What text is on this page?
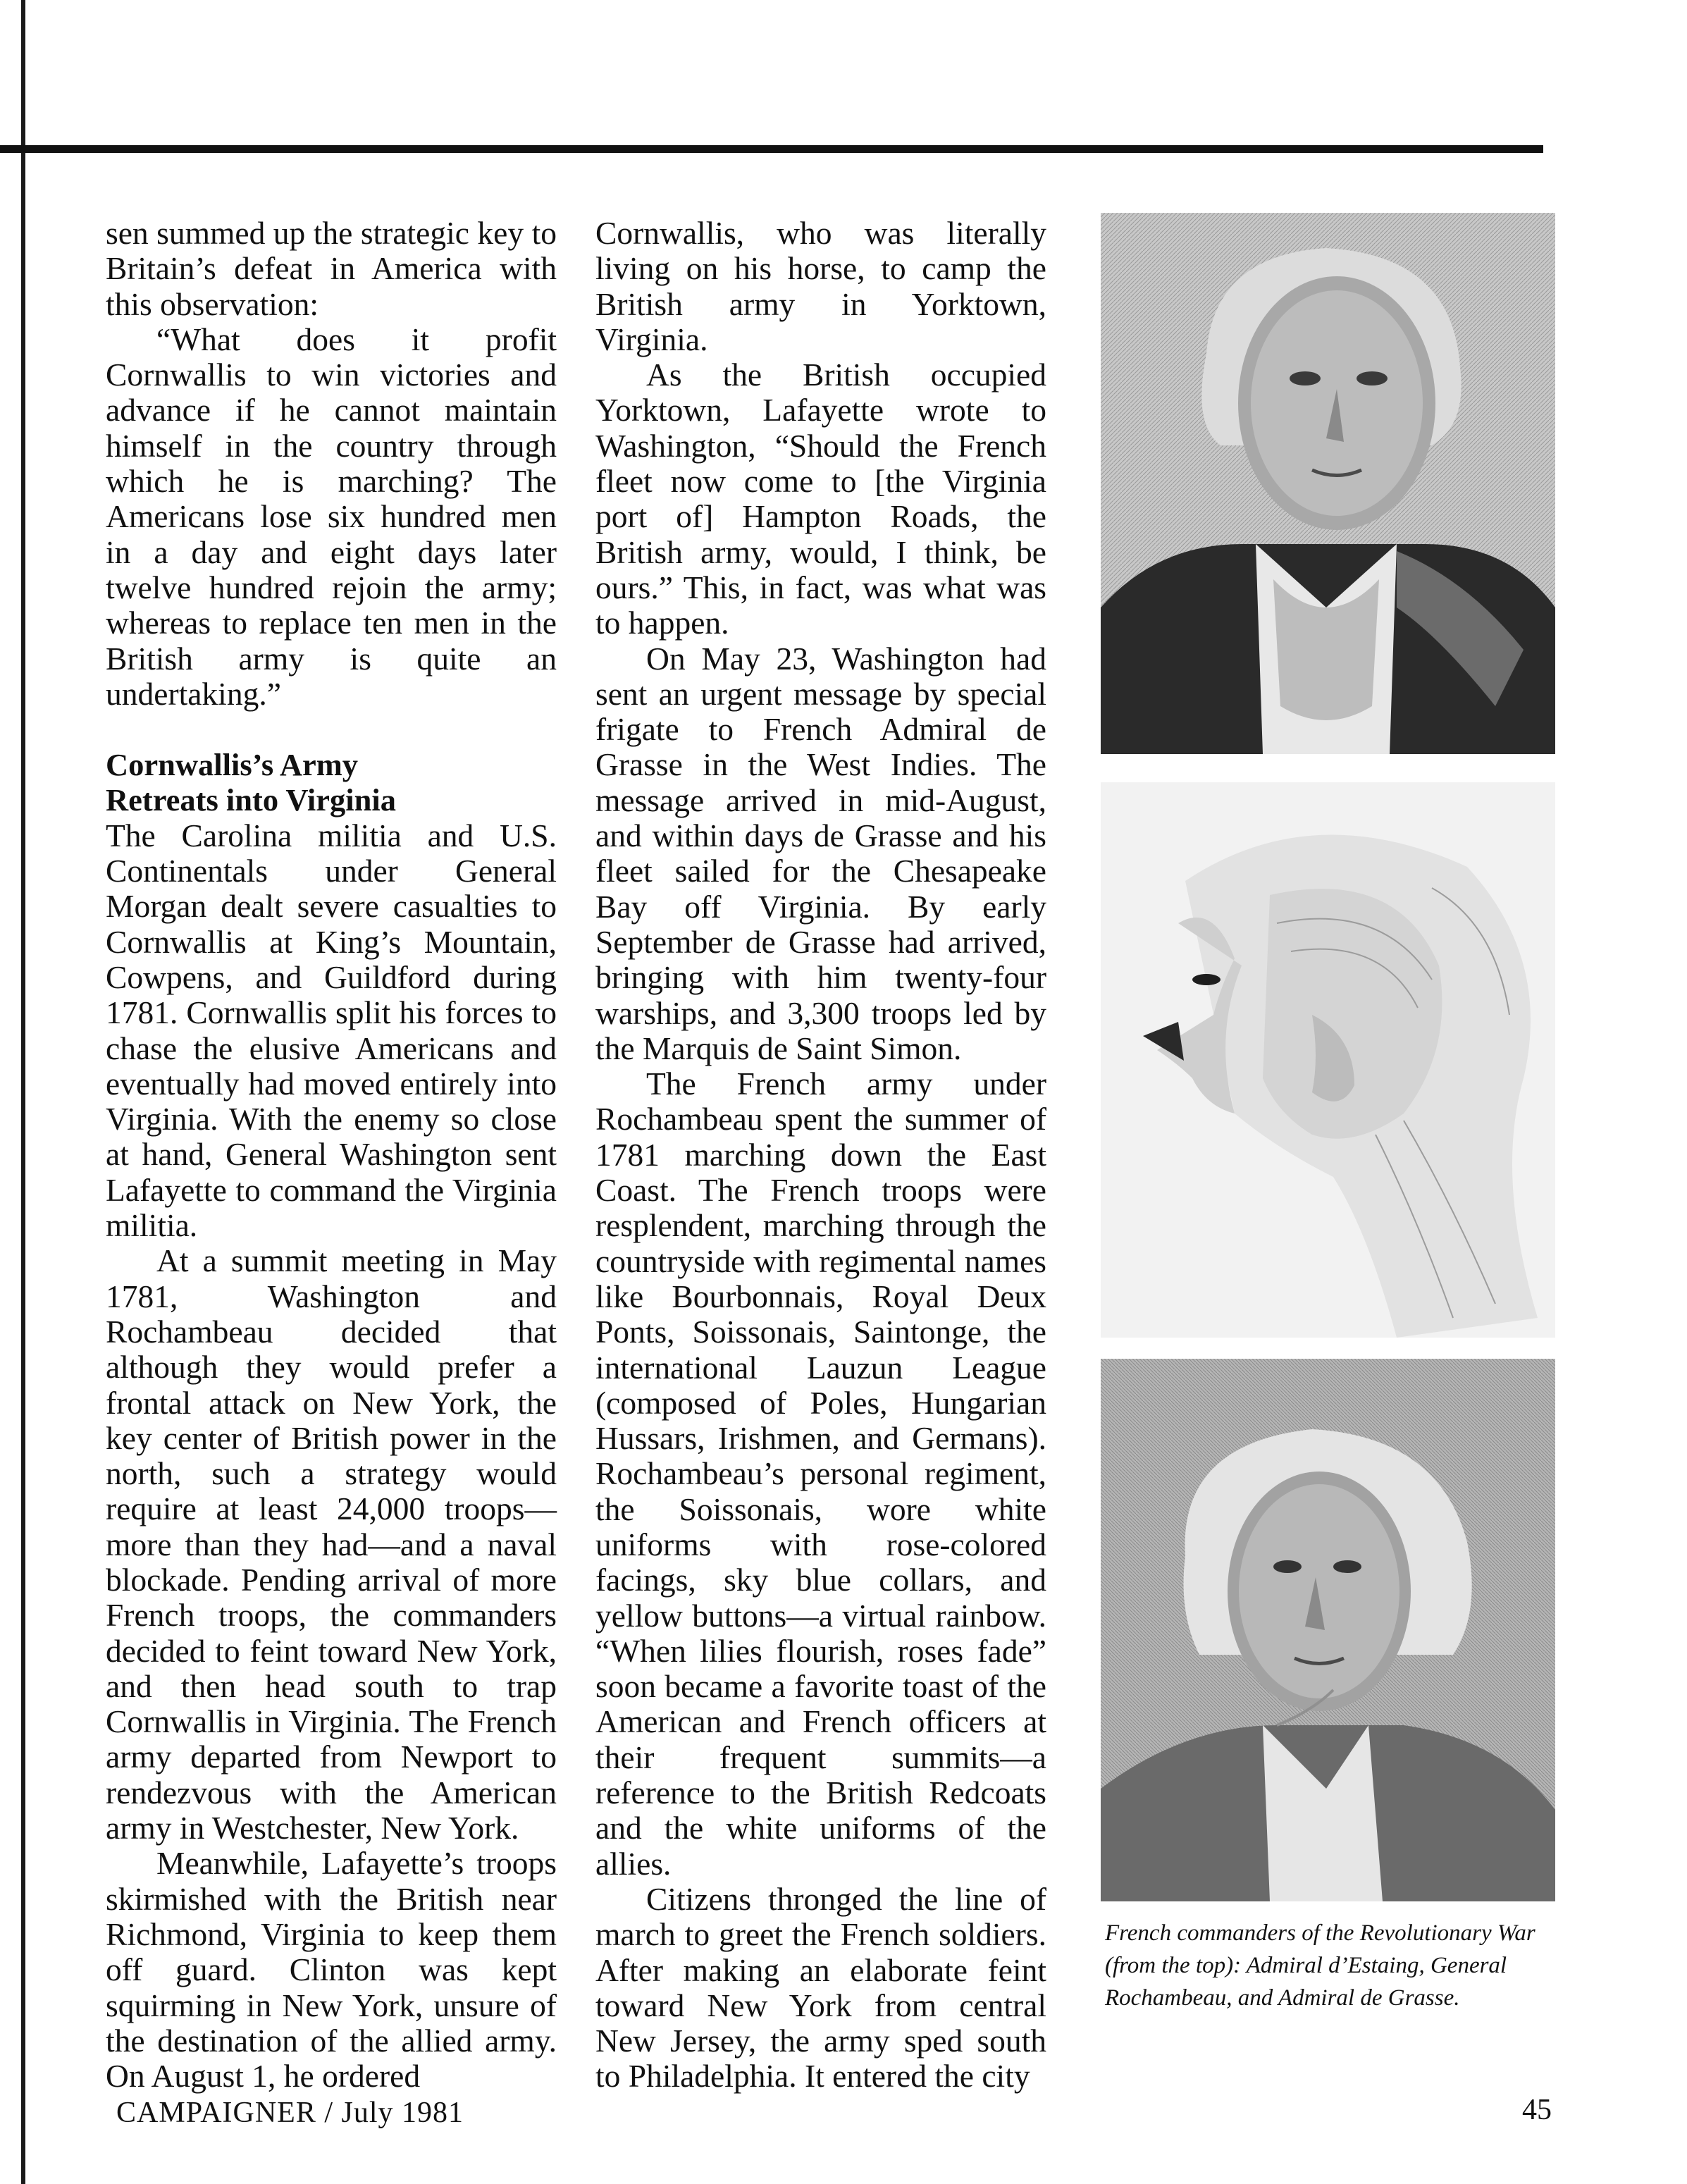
sen summed up the strategic key to Britain’s defeat in America with this observation:

“What does it profit Cornwallis to win victories and advance if he cannot maintain himself in the country through which he is marching? The Americans lose six hundred men in a day and eight days later twelve hundred rejoin the army; whereas to replace ten men in the British army is quite an undertaking.”

Cornwallis’s Army
Retreats into Virginia

The Carolina militia and U.S. Continentals under General Morgan dealt severe casualties to Cornwallis at King’s Mountain, Cowpens, and Guildford during 1781. Cornwallis split his forces to chase the elusive Americans and eventually had moved entirely into Virginia. With the enemy so close at hand, General Washington sent Lafayette to command the Virginia militia.

At a summit meeting in May 1781, Washington and Rochambeau decided that although they would prefer a frontal attack on New York, the key center of British power in the north, such a strategy would require at least 24,000 troops—more than they had—and a naval blockade. Pending arrival of more French troops, the commanders decided to feint toward New York, and then head south to trap Cornwallis in Virginia. The French army departed from Newport to rendezvous with the American army in Westchester, New York.

Meanwhile, Lafayette’s troops skirmished with the British near Richmond, Virginia to keep them off guard. Clinton was kept squirming in New York, unsure of the destination of the allied army. On August 1, he ordered

Cornwallis, who was literally living on his horse, to camp the British army in Yorktown, Virginia.

As the British occupied Yorktown, Lafayette wrote to Washington, “Should the French fleet now come to [the Virginia port of] Hampton Roads, the British army, would, I think, be ours.” This, in fact, was what was to happen.

On May 23, Washington had sent an urgent message by special frigate to French Admiral de Grasse in the West Indies. The message arrived in mid-August, and within days de Grasse and his fleet sailed for the Chesapeake Bay off Virginia. By early September de Grasse had arrived, bringing with him twenty-four warships, and 3,300 troops led by the Marquis de Saint Simon.

The French army under Rochambeau spent the summer of 1781 marching down the East Coast. The French troops were resplendent, marching through the countryside with regimental names like Bourbonnais, Royal Deux Ponts, Soissonais, Saintonge, the international Lauzun League (composed of Poles, Hungarian Hussars, Irishmen, and Germans). Rochambeau’s personal regiment, the Soissonais, wore white uniforms with rose-colored facings, sky blue collars, and yellow buttons—a virtual rainbow. “When lilies flourish, roses fade” soon became a favorite toast of the American and French officers at their frequent summits—a reference to the British Redcoats and the white uniforms of the allies.

Citizens thronged the line of march to greet the French soldiers. After making an elaborate feint toward New York from central New Jersey, the army sped south to Philadelphia. It entered the city

French commanders of the Revolutionary War (from the top): Admiral d’Estaing, General Rochambeau, and Admiral de Grasse.
CAMPAIGNER / July 1981	45
